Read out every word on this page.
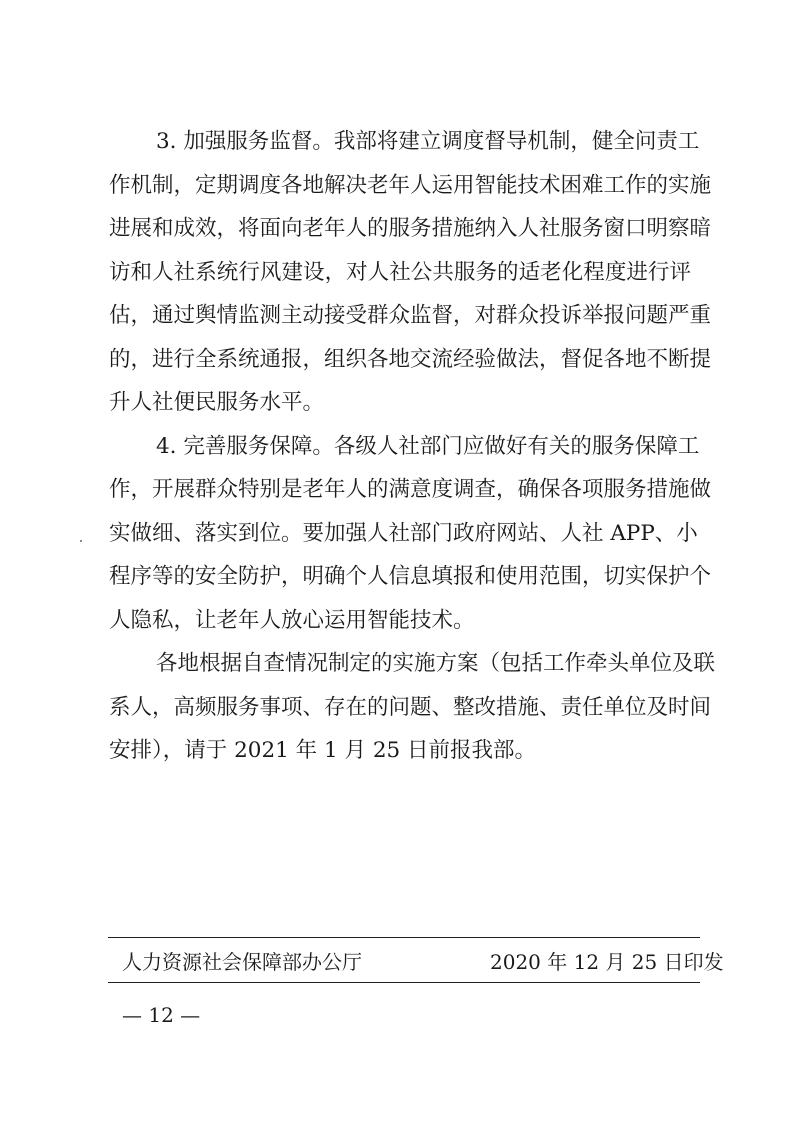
3. 加强服务监督。我部将建立调度督导机制，健全问责工
作机制，定期调度各地解决老年人运用智能技术困难工作的实施
进展和成效，将面向老年人的服务措施纳入人社服务窗口明察暗
访和人社系统行风建设，对人社公共服务的适老化程度进行评
估，通过舆情监测主动接受群众监督，对群众投诉举报问题严重
的，进行全系统通报，组织各地交流经验做法，督促各地不断提
升人社便民服务水平。
4. 完善服务保障。各级人社部门应做好有关的服务保障工
作，开展群众特别是老年人的满意度调查，确保各项服务措施做
实做细、落实到位。要加强人社部门政府网站、人社 APP、小
程序等的安全防护，明确个人信息填报和使用范围，切实保护个
人隐私，让老年人放心运用智能技术。
各地根据自查情况制定的实施方案（包括工作牵头单位及联
系人，高频服务事项、存在的问题、整改措施、责任单位及时间
安排），请于 2021 年 1 月 25 日前报我部。
人力资源社会保障部办公厅	2020 年 12 月 25 日印发
— 12 —
